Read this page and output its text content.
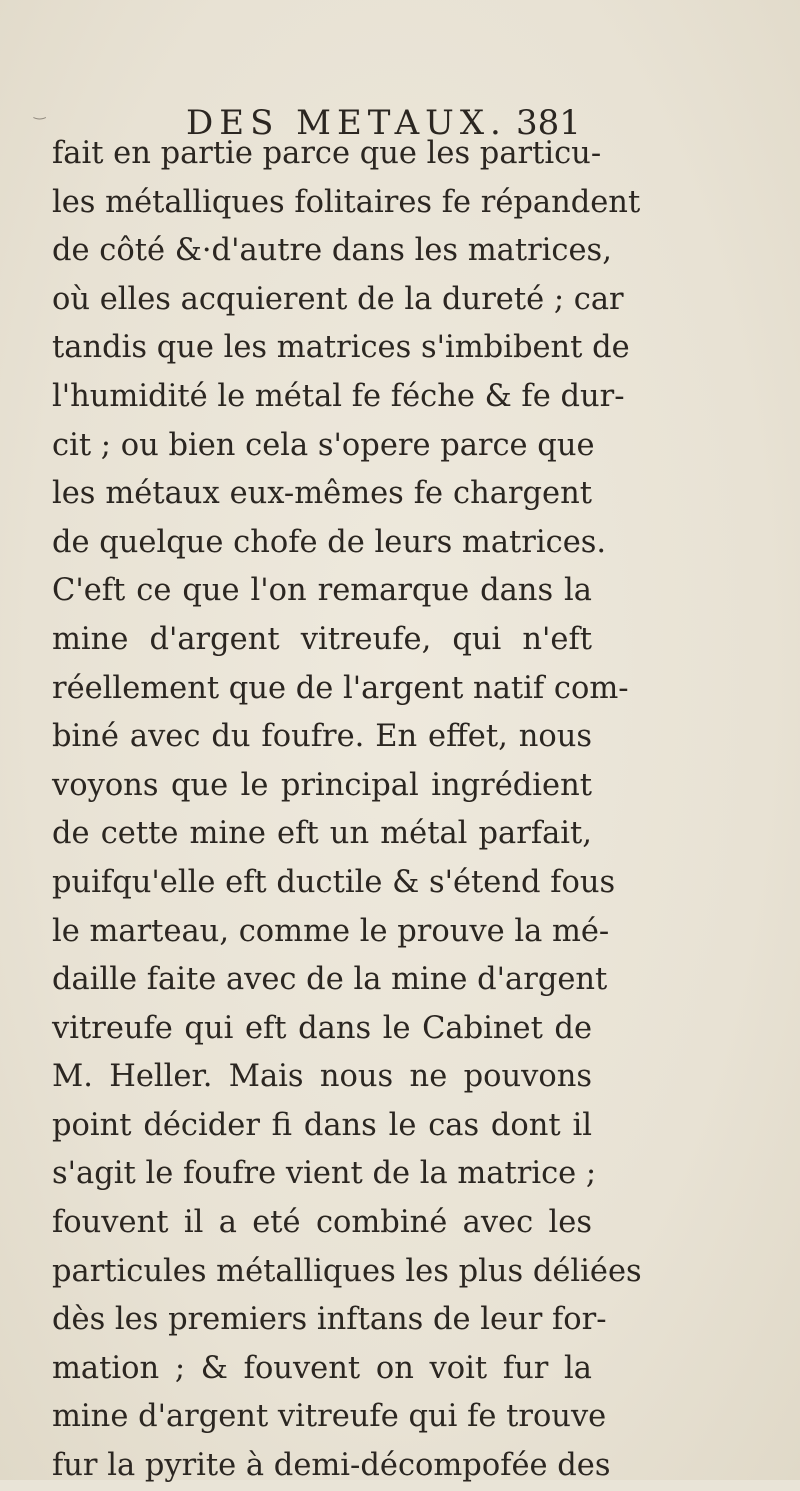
‿	DES METAUX. 381
fait en partie parce que les particu-
les métalliques folitaires fe répandent
de côté &·d'autre dans les matrices,
où elles acquierent de la dureté ; car
tandis que les matrices s'imbibent de
l'humidité le métal fe féche & fe dur-
cit ; ou bien cela s'opere parce que
les métaux eux-mêmes fe chargent
de quelque chofe de leurs matrices.
C'eft ce que l'on remarque dans la
mine d'argent vitreufe, qui n'eft
réellement que de l'argent natif com-
biné avec du foufre. En effet, nous
voyons que le principal ingrédient
de cette mine eft un métal parfait,
puifqu'elle eft ductile & s'étend fous
le marteau, comme le prouve la mé-
daille faite avec de la mine d'argent
vitreufe qui eft dans le Cabinet de
M. Heller. Mais nous ne pouvons
point décider fi dans le cas dont il
s'agit le foufre vient de la matrice ;
fouvent il a eté combiné avec les
particules métalliques les plus déliées
dès les premiers inftans de leur for-
mation ; & fouvent on voit fur la
mine d'argent vitreufe qui fe trouve
fur la pyrite à demi-décompofée des
